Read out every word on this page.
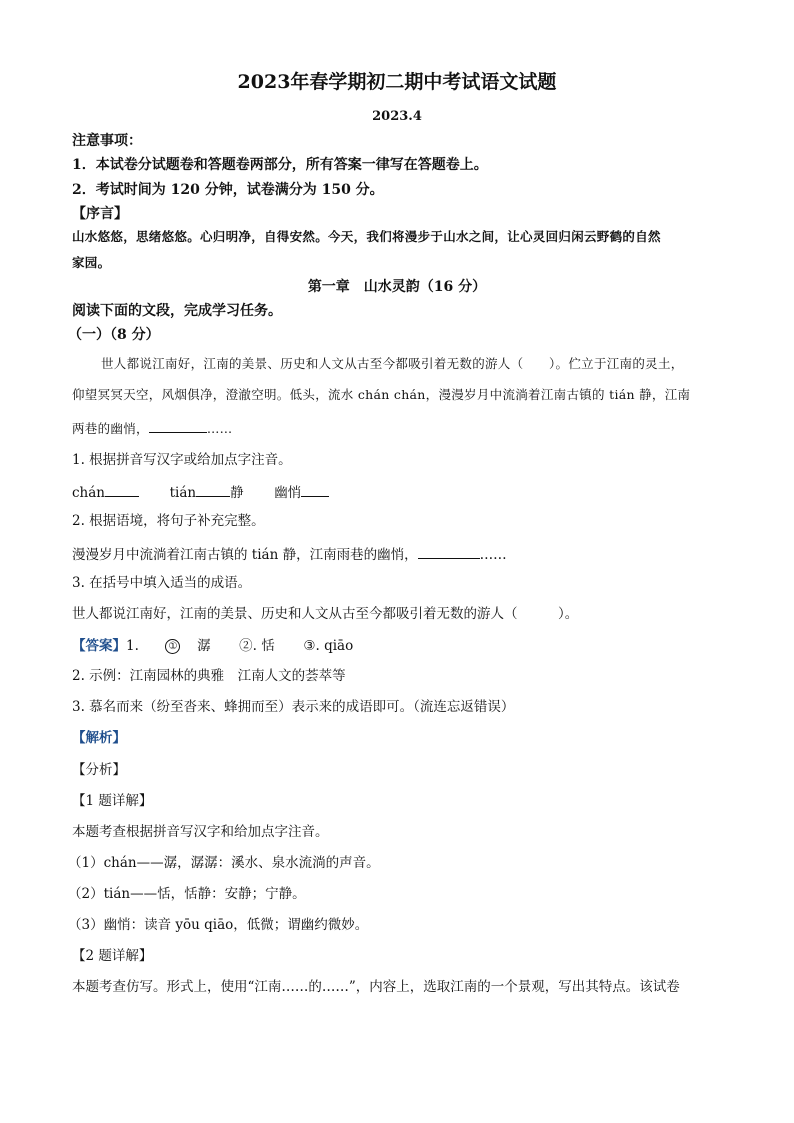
2023年春学期初二期中考试语文试题
2023.4
注意事项：
1．本试卷分试题卷和答题卷两部分，所有答案一律写在答题卷上。
2．考试时间为 120 分钟，试卷满分为 150 分。
【序言】
山水悠悠，思绪悠悠。心归明净，自得安然。今天，我们将漫步于山水之间，让心灵回归闲云野鹤的自然
家园。
第一章　山水灵韵（16 分）
阅读下面的文段，完成学习任务。
（一）（8 分）
世人都说江南好，江南的美景、历史和人文从古至今都吸引着无数的游人（　　）。伫立于江南的灵土，
仰望冥冥天空，风烟俱净，澄澈空明。低头，流水 chán chán，漫漫岁月中流淌着江南古镇的 tián 静，江南
两巷的幽悄，	……
1. 根据拼音写汉字或给加点字注音。
chán	tián	静 幽悄
2. 根据语境，将句子补充完整。
漫漫岁月中流淌着江南古镇的 tián 静，江南雨巷的幽悄，	……
3. 在括号中填入适当的成语。
世人都说江南好，江南的美景、历史和人文从古至今都吸引着无数的游人（　　　）。
【答案】1.	① 潺 ②. 恬 ③. qiāo
2. 示例：江南园林的典雅　江南人文的荟萃等
3. 慕名而来（纷至沓来、蜂拥而至）表示来的成语即可。（流连忘返错误）
【解析】
【分析】
【1 题详解】
本题考查根据拼音写汉字和给加点字注音。
（1）chán——潺，潺潺：溪水、泉水流淌的声音。
（2）tián——恬，恬静：安静；宁静。
（3）幽悄：读音 yōu qiāo，低微；谓幽约微妙。
【2 题详解】
本题考查仿写。形式上，使用“江南……的……”，内容上，选取江南的一个景观，写出其特点。该试卷
